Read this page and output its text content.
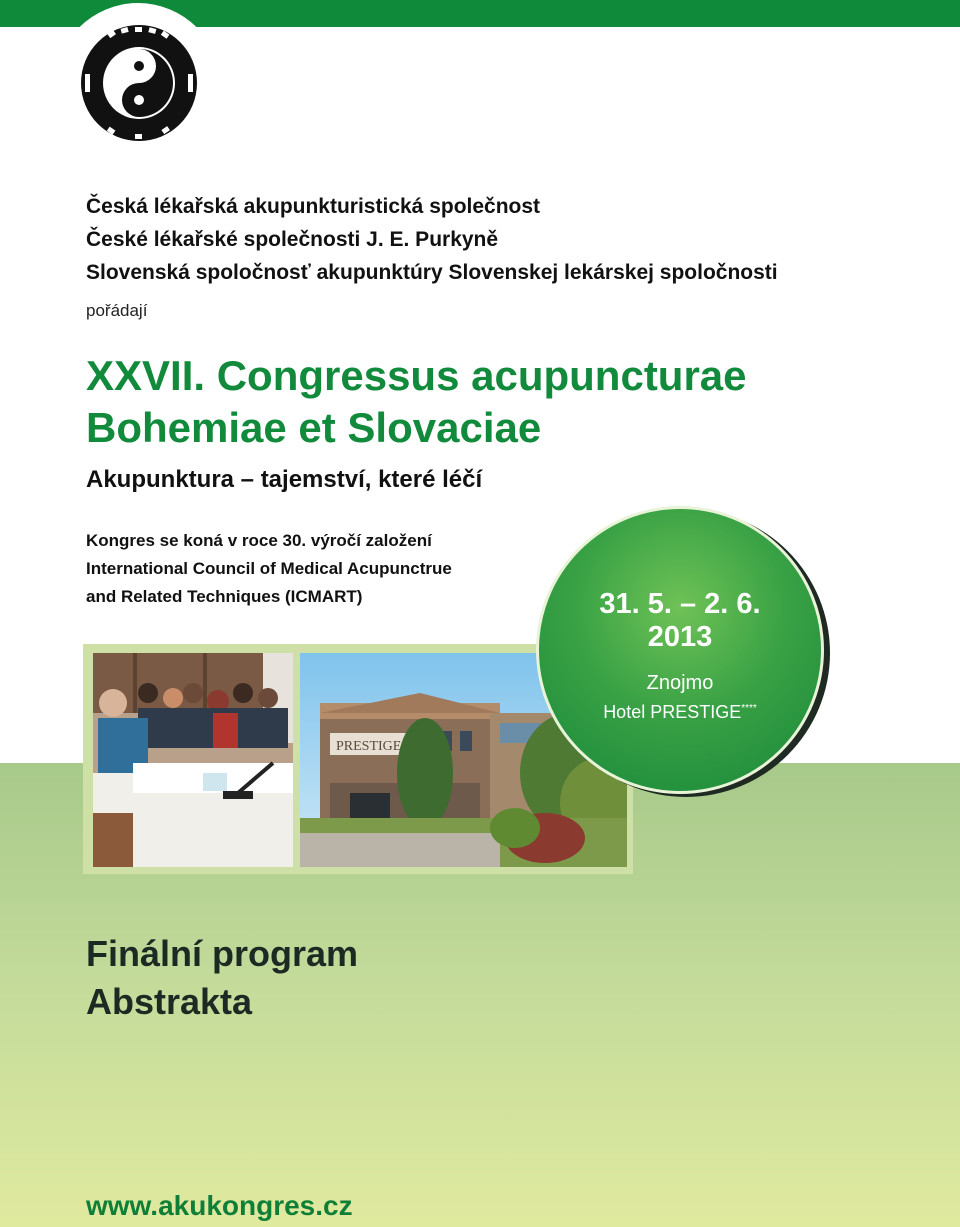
Česká lékařská akupunkturistická společnost
České lékařské společnosti J. E. Purkyně
Slovenská spoločnosť akupunktúry Slovenskej lekárskej spoločnosti
pořádají
XXVII. Congressus acupuncturae
Bohemiae et Slovaciae
Akupunktura – tajemství, které léčí
Kongres se koná v roce 30. výročí založení
International Council of Medical Acupunctrue
and Related Techniques (ICMART)
PRESTIGE
31. 5. – 2. 6.
2013
Znojmo
Hotel PRESTIGE****
Finální program
Abstrakta
www.akukongres.cz
